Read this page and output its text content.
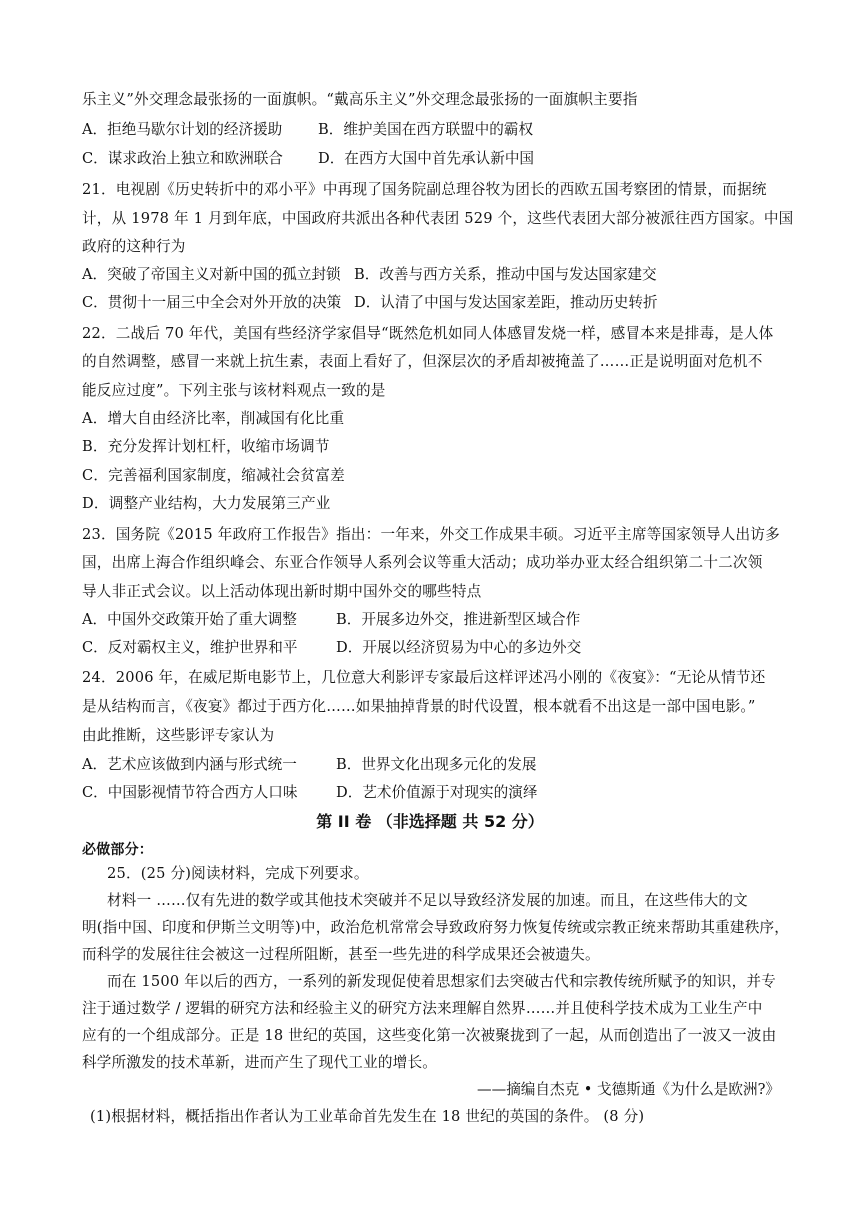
乐主义”外交理念最张扬的一面旗帜。“戴高乐主义”外交理念最张扬的一面旗帜主要指
A．拒绝马歇尔计划的经济援助 B．维护美国在西方联盟中的霸权
C．谋求政治上独立和欧洲联合 D．在西方大国中首先承认新中国
21．电视剧《历史转折中的邓小平》中再现了国务院副总理谷牧为团长的西欧五国考察团的情景，而据统
计，从 1978 年 1 月到年底，中国政府共派出各种代表团 529 个，这些代表团大部分被派往西方国家。中国
政府的这种行为
A．突破了帝国主义对新中国的孤立封锁 B．改善与西方关系，推动中国与发达国家建交
C．贯彻十一届三中全会对外开放的决策 D．认清了中国与发达国家差距，推动历史转折
22．二战后 70 年代，美国有些经济学家倡导“既然危机如同人体感冒发烧一样，感冒本来是排毒，是人体
的自然调整，感冒一来就上抗生素，表面上看好了，但深层次的矛盾却被掩盖了……正是说明面对危机不
能反应过度”。下列主张与该材料观点一致的是
A．增大自由经济比率，削减国有化比重
B．充分发挥计划杠杆，收缩市场调节
C．完善福利国家制度，缩减社会贫富差
D．调整产业结构，大力发展第三产业
23．国务院《2015 年政府工作报告》指出：一年来，外交工作成果丰硕。习近平主席等国家领导人出访多
国，出席上海合作组织峰会、东亚合作领导人系列会议等重大活动；成功举办亚太经合组织第二十二次领
导人非正式会议。以上活动体现出新时期中国外交的哪些特点
A．中国外交政策开始了重大调整	B．开展多边外交，推进新型区域合作
C．反对霸权主义，维护世界和平	D．开展以经济贸易为中心的多边外交
24．2006 年，在威尼斯电影节上，几位意大利影评专家最后这样评述冯小刚的《夜宴》：“无论从情节还
是从结构而言，《夜宴》都过于西方化……如果抽掉背景的时代设置，根本就看不出这是一部中国电影。”
由此推断，这些影评专家认为
A．艺术应该做到内涵与形式统一	B．世界文化出现多元化的发展
C．中国影视情节符合西方人口味	D．艺术价值源于对现实的演绎
第 II 卷 （非选择题 共 52 分）
必做部分：
25．(25 分)阅读材料，完成下列要求。
材料一 ……仅有先进的数学或其他技术突破并不足以导致经济发展的加速。而且，在这些伟大的文
明(指中国、印度和伊斯兰文明等)中，政治危机常常会导致政府努力恢复传统或宗教正统来帮助其重建秩序，
而科学的发展往往会被这一过程所阻断，甚至一些先进的科学成果还会被遗失。
而在 1500 年以后的西方，一系列的新发现促使着思想家们去突破古代和宗教传统所赋予的知识，并专
注于通过数学 / 逻辑的研究方法和经验主义的研究方法来理解自然界……并且使科学技术成为工业生产中
应有的一个组成部分。正是 18 世纪的英国，这些变化第一次被聚拢到了一起，从而创造出了一波又一波由
科学所激发的技术革新，进而产生了现代工业的增长。
——摘编自杰克 • 戈德斯通《为什么是欧洲?》
(1)根据材料，概括指出作者认为工业革命首先发生在 18 世纪的英国的条件。 (8 分)
